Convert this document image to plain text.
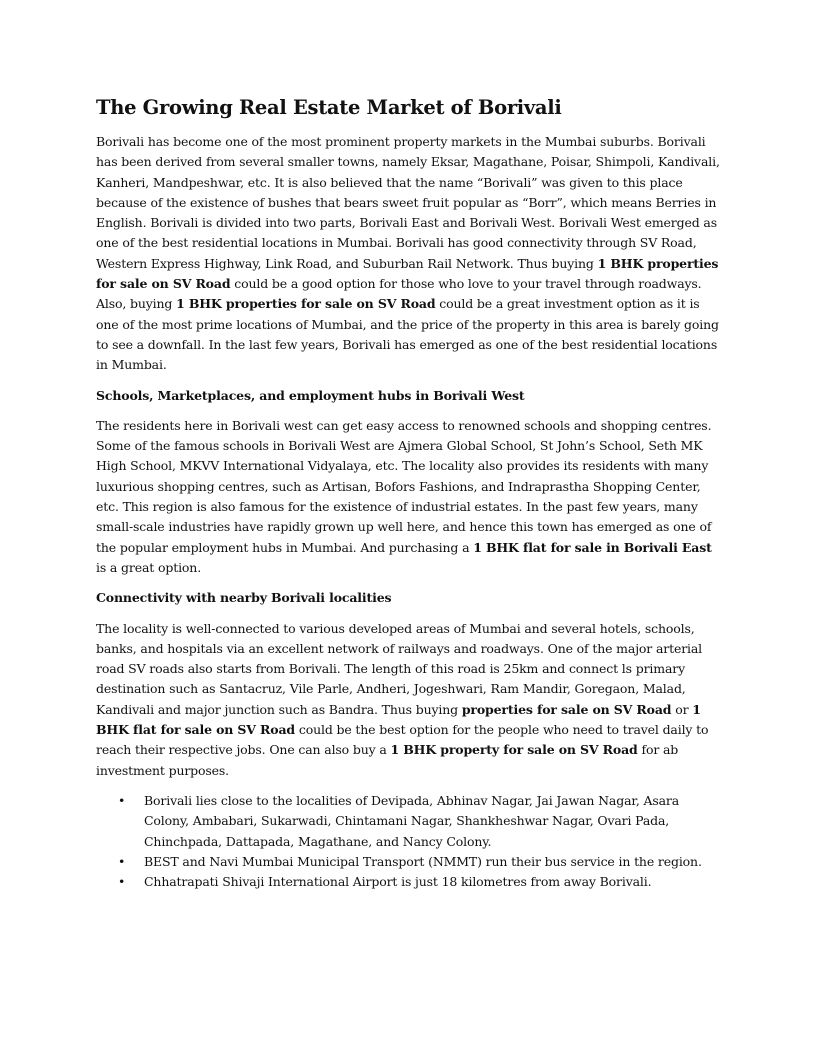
The Growing Real Estate Market of Borivali

Borivali has become one of the most prominent property markets in the Mumbai suburbs. Borivali has been derived from several smaller towns, namely Eksar, Magathane, Poisar, Shimpoli, Kandivali, Kanheri, Mandpeshwar, etc. It is also believed that the name “Borivali” was given to this place because of the existence of bushes that bears sweet fruit popular as “Borr”, which means Berries in English. Borivali is divided into two parts, Borivali East and Borivali West. Borivali West emerged as one of the best residential locations in Mumbai. Borivali has good connectivity through SV Road, Western Express Highway, Link Road, and Suburban Rail Network. Thus buying 1 BHK properties for sale on SV Road could be a good option for those who love to your travel through roadways. Also, buying 1 BHK properties for sale on SV Road could be a great investment option as it is one of the most prime locations of Mumbai, and the price of the property in this area is barely going to see a downfall. In the last few years, Borivali has emerged as one of the best residential locations in Mumbai.

Schools, Marketplaces, and employment hubs in Borivali West

The residents here in Borivali west can get easy access to renowned schools and shopping centres. Some of the famous schools in Borivali West are Ajmera Global School, St John’s School, Seth MK High School, MKVV International Vidyalaya, etc. The locality also provides its residents with many luxurious shopping centres, such as Artisan, Bofors Fashions, and Indraprastha Shopping Center, etc. This region is also famous for the existence of industrial estates. In the past few years, many small-scale industries have rapidly grown up well here, and hence this town has emerged as one of the popular employment hubs in Mumbai. And purchasing a 1 BHK flat for sale in Borivali East is a great option.

Connectivity with nearby Borivali localities

The locality is well-connected to various developed areas of Mumbai and several hotels, schools, banks, and hospitals via an excellent network of railways and roadways. One of the major arterial road SV roads also starts from Borivali. The length of this road is 25km and connect ls primary destination such as Santacruz, Vile Parle, Andheri, Jogeshwari, Ram Mandir, Goregaon, Malad, Kandivali and major junction such as Bandra. Thus buying properties for sale on SV Road or 1 BHK flat for sale on SV Road could be the best option for the people who need to travel daily to reach their respective jobs. One can also buy a 1 BHK property for sale on SV Road for ab investment purposes.

• Borivali lies close to the localities of Devipada, Abhinav Nagar, Jai Jawan Nagar, Asara Colony, Ambabari, Sukarwadi, Chintamani Nagar, Shankheshwar Nagar, Ovari Pada, Chinchpada, Dattapada, Magathane, and Nancy Colony.
• BEST and Navi Mumbai Municipal Transport (NMMT) run their bus service in the region.
• Chhatrapati Shivaji International Airport is just 18 kilometres from away Borivali.
